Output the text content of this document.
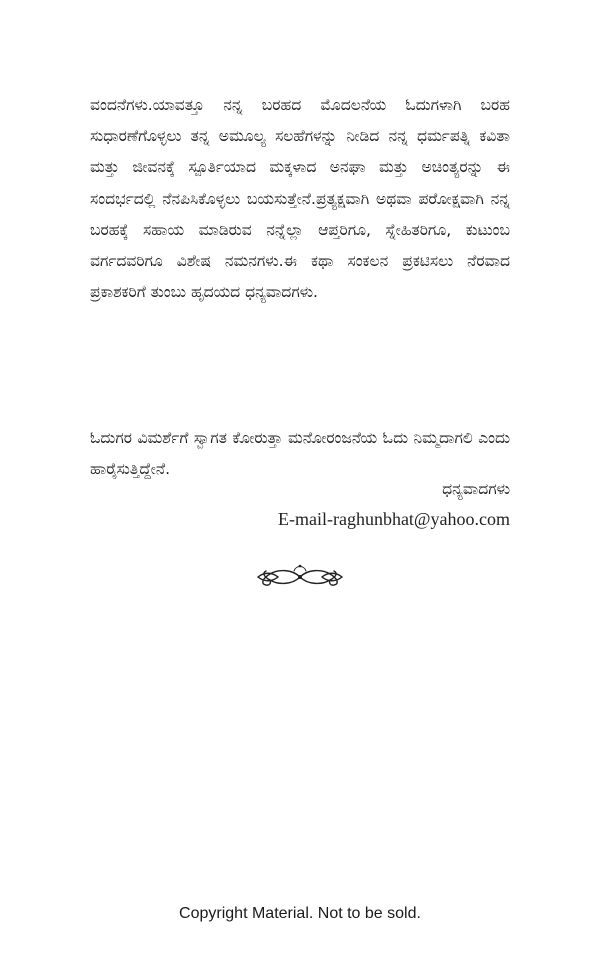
ವಂದನೆಗಳು.ಯಾವತ್ತೂ ನನ್ನ ಬರಹದ ಮೊದಲನೆಯ ಓದುಗಳಾಗಿ ಬರಹ ಸುಧಾರಣೆಗೊಳ್ಳಲು ತನ್ನ ಅಮೂಲ್ಯ ಸಲಹೆಗಳನ್ನು ನೀಡಿದ ನನ್ನ ಧರ್ಮಪತ್ನಿ ಕವಿತಾ ಮತ್ತು ಜೀವನಕ್ಕೆ ಸ್ಪೂರ್ತಿಯಾದ ಮಕ್ಕಳಾದ ಅನಘಾ ಮತ್ತು ಅಚಿಂತ್ಯರನ್ನು ಈ ಸಂದರ್ಭದಲ್ಲಿ ನೆನಪಿಸಿಕೊಳ್ಳಲು ಬಯಸುತ್ತೇನೆ.ಪ್ರತ್ಯಕ್ಷವಾಗಿ ಅಥವಾ ಪರೋಕ್ಷವಾಗಿ ನನ್ನ ಬರಹಕ್ಕೆ ಸಹಾಯ ಮಾಡಿರುವ ನನ್ನೆಲ್ಲಾ ಆಪ್ತರಿಗೂ, ಸ್ನೇಹಿತರಿಗೂ, ಕುಟುಂಬ ವರ್ಗದವರಿಗೂ ವಿಶೇಷ ನಮನಗಳು.ಈ ಕಥಾ ಸಂಕಲನ ಪ್ರಕಟಿಸಲು ನೆರವಾದ ಪ್ರಕಾಶಕರಿಗೆ ತುಂಬು ಹೃದಯದ ಧನ್ಯವಾದಗಳು.

ಓದುಗರ ವಿಮರ್ಶೆಗೆ ಸ್ವಾಗತ ಕೋರುತ್ತಾ ಮನೋರಂಜನೆಯ ಓದು ನಿಮ್ಮದಾಗಲಿ ಎಂದು ಹಾರೈಸುತ್ತಿದ್ದೇನೆ.

ಧನ್ಯವಾದಗಳು
E-mail-raghunbhat@yahoo.com
Copyright Material. Not to be sold.
